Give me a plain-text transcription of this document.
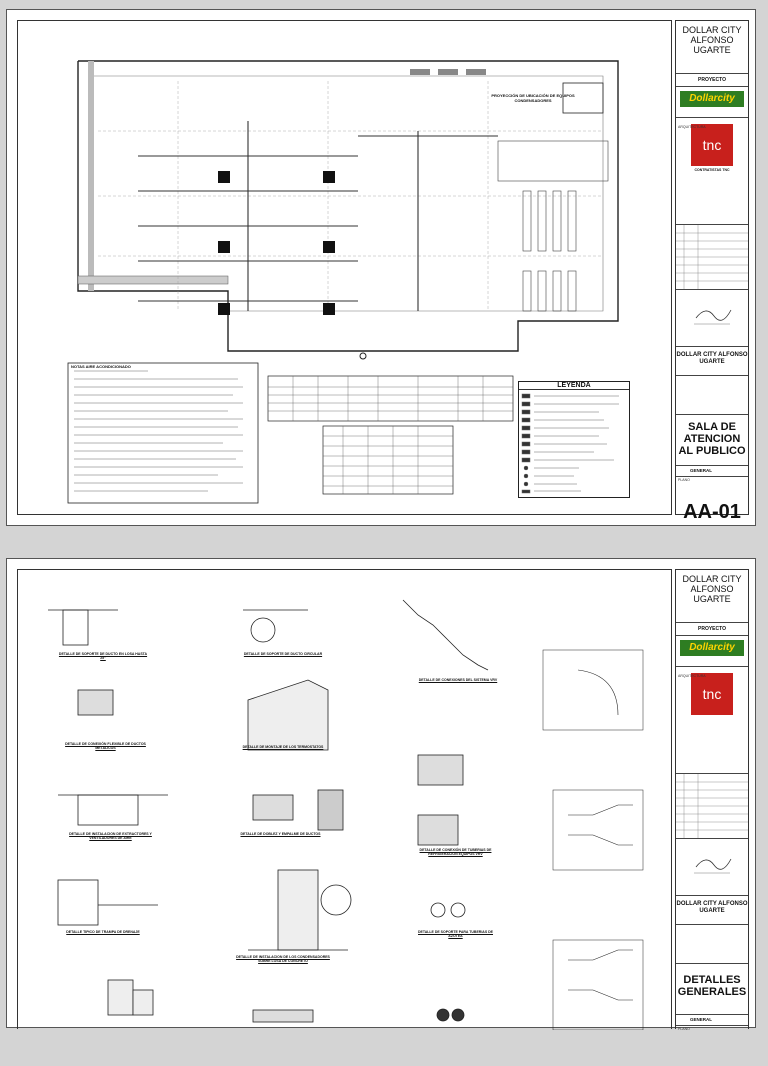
PROYECCIÓN DE UBICACIÓN DE EQUIPOS CONDENSADORES
NOTAS AIRE ACONDICIONADO
LEYENDA
DOLLAR CITY ALFONSO UGARTE
PROYECTO
Dollarcity
ARQUITECTURA
tnc
CONTRATISTAS TNC
DOLLAR CITY ALFONSO UGARTE
SALA DE ATENCION AL PUBLICO
GENERAL
PLANO
AA-01
DETALLE DE SOPORTE DE DUCTO EN LOSA HASTA 25"
DETALLE DE SOPORTE DE DUCTO CIRCULAR
DETALLE DE CONEXIONES DEL SISTEMA VRV
DETALLE DE CONEXIÓN FLEXIBLE DE DUCTOS METALICOS	DETALLE DE MONTAJE DE LOS TERMOSTATOS
DETALLE DE INSTALACION DE EXTRACTORES Y VENTILADORES DE AIRE
DETALLE DE DOBLEZ Y EMPALME DE DUCTOS
DETALLE DE CONEXIÓN DE TUBERIAS DE REFRIGERACION EQUIPOS VRV
DETALLE TIPICO DE TRAMPA DE DRENAJE
DETALLE DE INSTALACION DE LOS CONDENSADORES SOBRE LOSA DE CONCRETO
DETALLE DE SOPORTE PARA TUBERIAS DE AZOTEA
DOLLAR CITY ALFONSO UGARTE
PROYECTO
Dollarcity
ARQUITECTURA
tnc
DOLLAR CITY ALFONSO UGARTE
DETALLES GENERALES
GENERAL
PLANO
